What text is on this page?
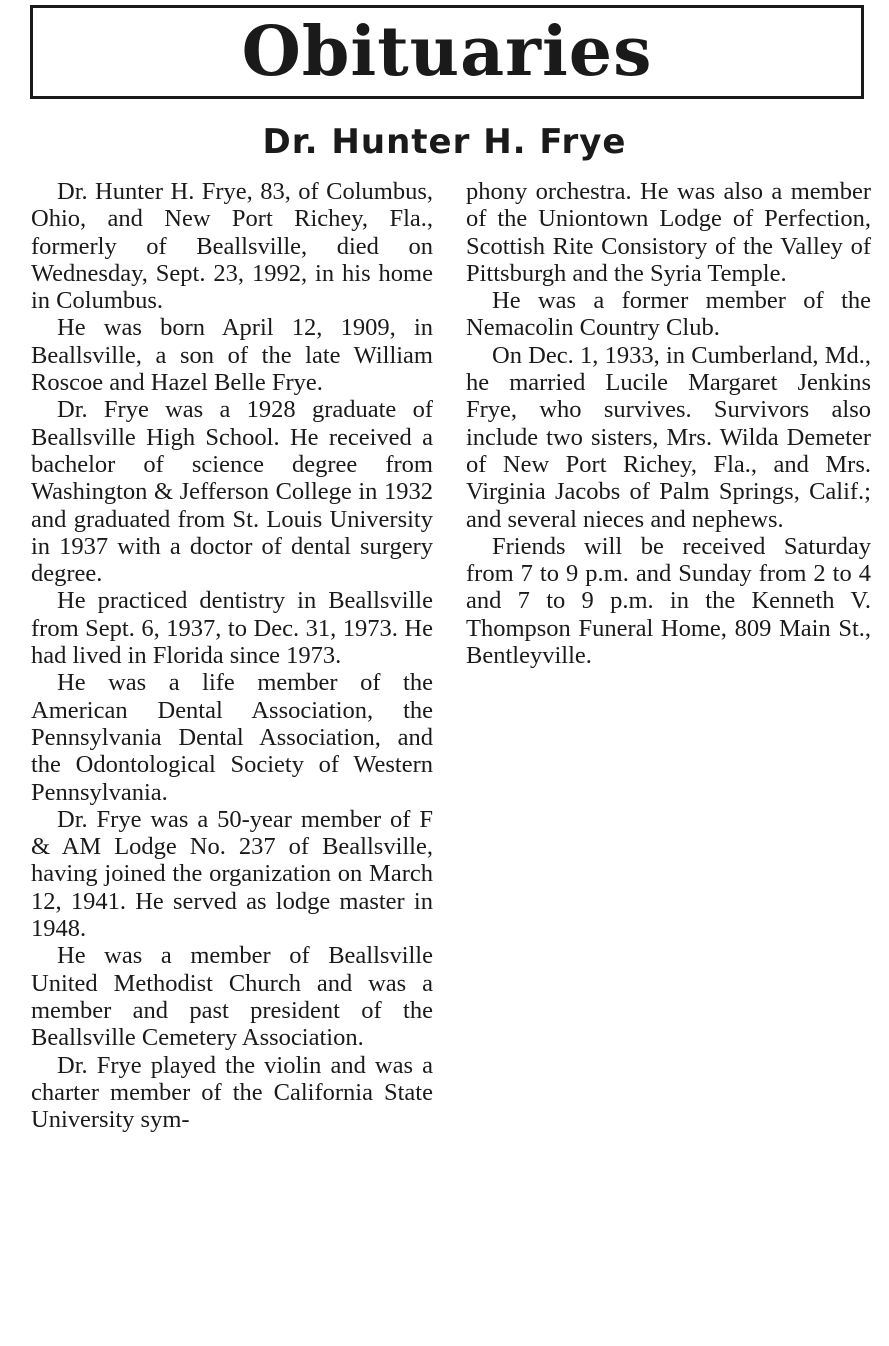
Obituaries
Dr. Hunter H. Frye

Dr. Hunter H. Frye, 83, of Columbus, Ohio, and New Port Richey, Fla., formerly of Beallsville, died on Wednesday, Sept. 23, 1992, in his home in Columbus.

He was born April 12, 1909, in Beallsville, a son of the late William Roscoe and Hazel Belle Frye.

Dr. Frye was a 1928 graduate of Beallsville High School. He received a bachelor of science degree from Washington & Jefferson College in 1932 and graduated from St. Louis University in 1937 with a doctor of dental surgery degree.

He practiced dentistry in Beallsville from Sept. 6, 1937, to Dec. 31, 1973. He had lived in Florida since 1973.

He was a life member of the American Dental Association, the Pennsylvania Dental Association, and the Odontological Society of Western Pennsylvania.

Dr. Frye was a 50-year member of F & AM Lodge No. 237 of Beallsville, having joined the organization on March 12, 1941. He served as lodge master in 1948.

He was a member of Beallsville United Methodist Church and was a member and past president of the Beallsville Cemetery Association.

Dr. Frye played the violin and was a charter member of the California State University sym-

phony orchestra. He was also a member of the Uniontown Lodge of Perfection, Scottish Rite Consistory of the Valley of Pittsburgh and the Syria Temple.

He was a former member of the Nemacolin Country Club.

On Dec. 1, 1933, in Cumberland, Md., he married Lucile Margaret Jenkins Frye, who survives. Survivors also include two sisters, Mrs. Wilda Demeter of New Port Richey, Fla., and Mrs. Virginia Jacobs of Palm Springs, Calif.; and several nieces and nephews.

Friends will be received Saturday from 7 to 9 p.m. and Sunday from 2 to 4 and 7 to 9 p.m. in the Kenneth V. Thompson Funeral Home, 809 Main St., Bentleyville.
